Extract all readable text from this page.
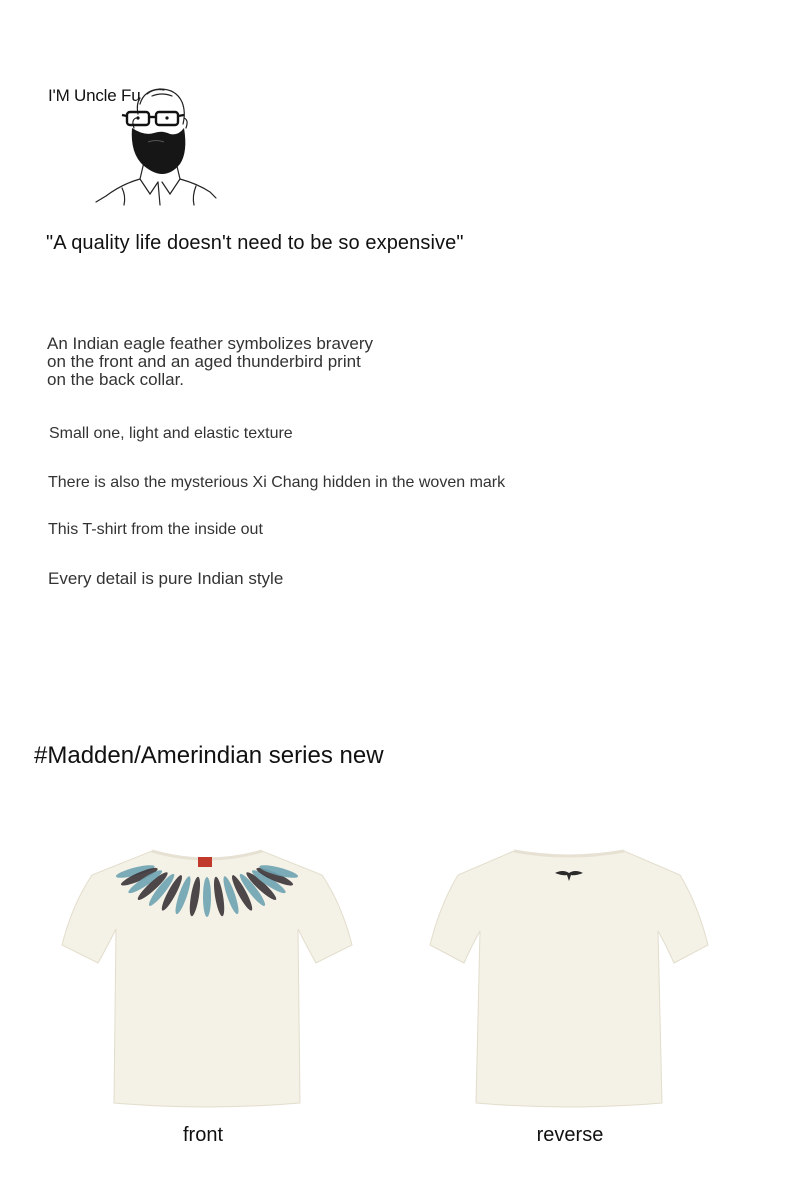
I'M Uncle Fu
"A quality life doesn't need to be so expensive"
An Indian eagle feather symbolizes bravery on the front and an aged thunderbird print on the back collar.
Small one, light and elastic texture
There is also the mysterious Xi Chang hidden in the woven mark
This T-shirt from the inside out
Every detail is pure Indian style
#Madden/Amerindian series new
front	reverse
